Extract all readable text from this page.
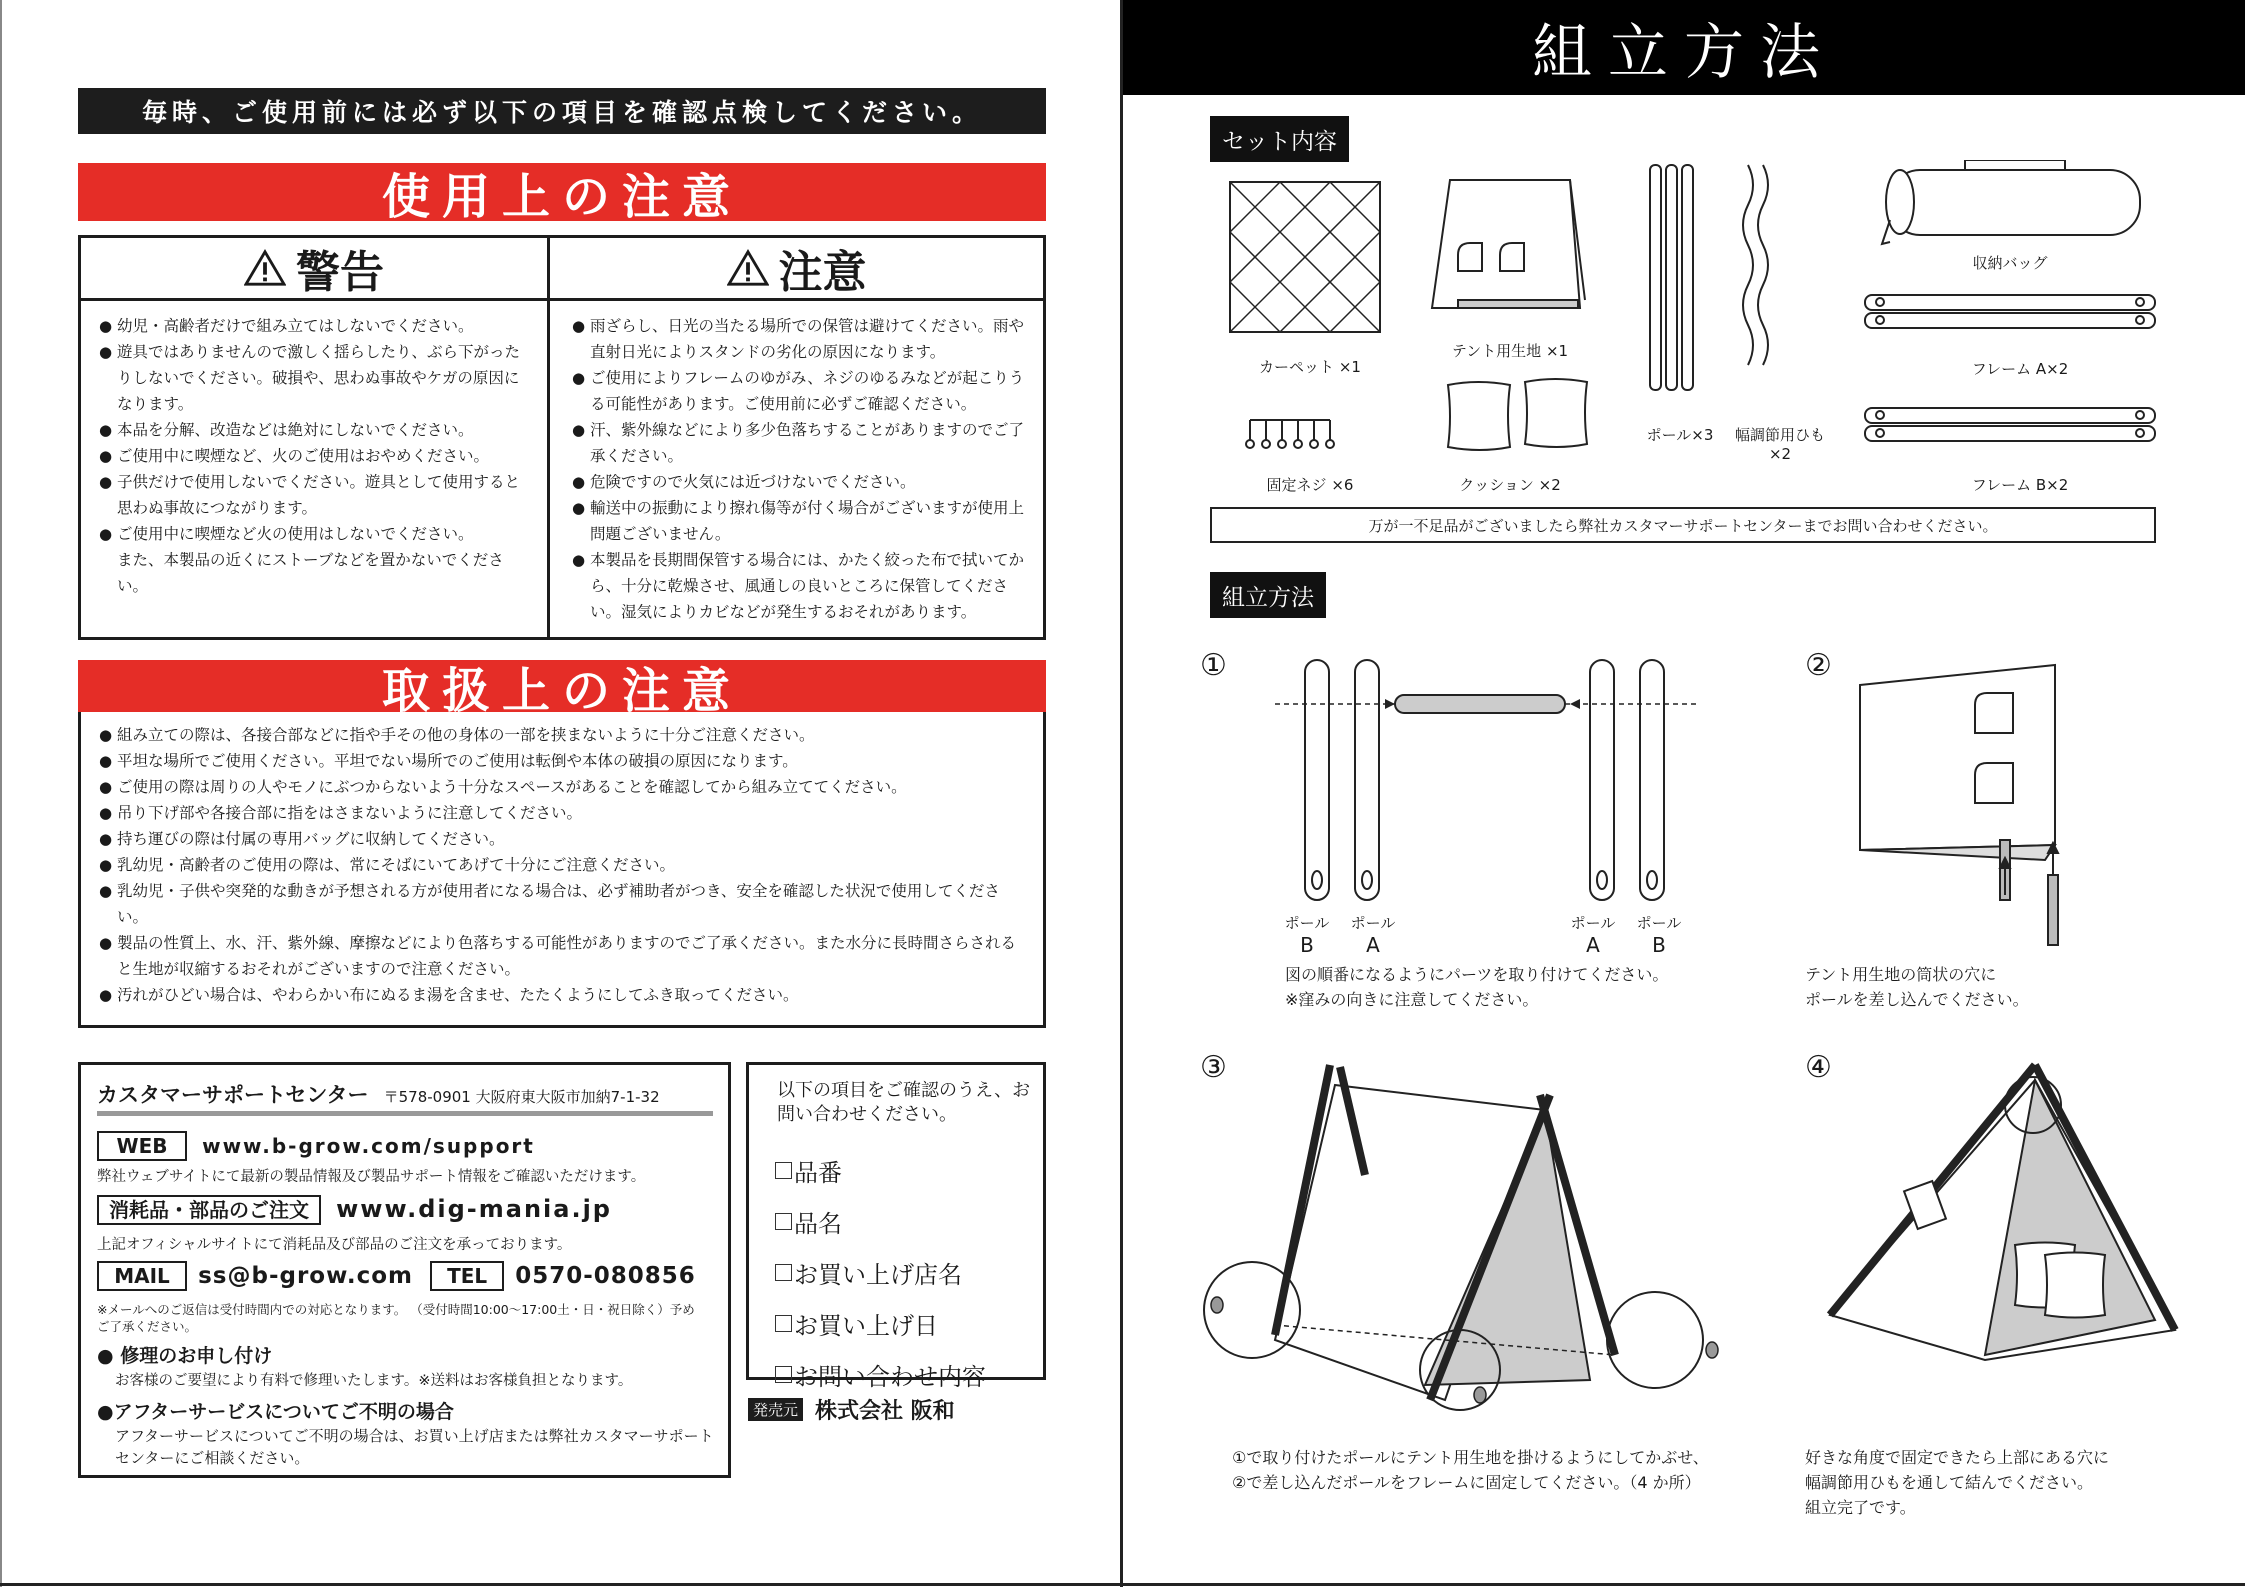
毎時、ご使用前には必ず以下の項目を確認点検してください。
使用上の注意
警告
● 幼児・高齢者だけで組み立てはしないでください。
● 遊具ではありませんので激しく揺らしたり、ぶら下がったりしないでください。破損や、思わぬ事故やケガの原因になります。
● 本品を分解、改造などは絶対にしないでください。
● ご使用中に喫煙など、火のご使用はおやめください。
● 子供だけで使用しないでください。遊具として使用すると思わぬ事故につながります。
● ご使用中に喫煙など火の使用はしないでください。
また、本製品の近くにストーブなどを置かないでください。
注意
● 雨ざらし、日光の当たる場所での保管は避けてください。雨や直射日光によりスタンドの劣化の原因になります。
● ご使用によりフレームのゆがみ、ネジのゆるみなどが起こりうる可能性があります。ご使用前に必ずご確認ください。
● 汗、紫外線などにより多少色落ちすることがありますのでご了承ください。
● 危険ですので火気には近づけないでください。
● 輸送中の振動により擦れ傷等が付く場合がございますが使用上問題ございません。
● 本製品を長期間保管する場合には、かたく絞った布で拭いてから、十分に乾燥させ、風通しの良いところに保管してください。湿気によりカビなどが発生するおそれがあります。
取扱上の注意
● 組み立ての際は、各接合部などに指や手その他の身体の一部を挟まないように十分ご注意ください。
● 平坦な場所でご使用ください。平坦でない場所でのご使用は転倒や本体の破損の原因になります。
● ご使用の際は周りの人やモノにぶつからないよう十分なスペースがあることを確認してから組み立ててください。
● 吊り下げ部や各接合部に指をはさまないように注意してください。
● 持ち運びの際は付属の専用バッグに収納してください。
● 乳幼児・高齢者のご使用の際は、常にそばにいてあげて十分にご注意ください。
● 乳幼児・子供や突発的な動きが予想される方が使用者になる場合は、必ず補助者がつき、安全を確認した状況で使用してください。
● 製品の性質上、水、汗、紫外線、摩擦などにより色落ちする可能性がありますのでご了承ください。また水分に長時間さらされると生地が収縮するおそれがございますので注意ください。
● 汚れがひどい場合は、やわらかい布にぬるま湯を含ませ、たたくようにしてふき取ってください。
カスタマーサポートセンター 〒578-0901 大阪府東大阪市加納7-1-32
WEB www.b-grow.com/support
弊社ウェブサイトにて最新の製品情報及び製品サポート情報をご確認いただけます。
消耗品・部品のご注文 www.dig-mania.jp
上記オフィシャルサイトにて消耗品及び部品のご注文を承っております。
MAIL ss@b-grow.com TEL 0570-080856
※メールへのご返信は受付時間内での対応となります。 （受付時間10:00〜17:00土・日・祝日除く）予めご了承ください。
● 修理のお申し付け
お客様のご要望により有料で修理いたします。※送料はお客様負担となります。
●アフターサービスについてご不明の場合
アフターサービスについてご不明の場合は、お買い上げ店または弊社カスタマーサポートセンターにご相談ください。
以下の項目をご確認のうえ、お問い合わせください。
品番
品名
お買い上げ店名
お買い上げ日
お問い合わせ内容
発売元 株式会社 阪和
組立方法
セット内容
カーペット ×1
テント用生地 ×1
ポール×3	幅調節用ひも×2
収納バッグ
フレーム A×2
固定ネジ ×6	クッション ×2	フレーム B×2
万が一不足品がございましたら弊社カスタマーサポートセンターまでお問い合わせください。
組立方法
①
ポール
B
ポール
A
ポール
A
ポール
B
図の順番になるようにパーツを取り付けてください。
※窪みの向きに注意してください。
②
テント用生地の筒状の穴に
ポールを差し込んでください。
③
①で取り付けたポールにテント用生地を掛けるようにしてかぶせ、
②で差し込んだポールをフレームに固定してください。（4 か所）
④
好きな角度で固定できたら上部にある穴に
幅調節用ひもを通して結んでください。
組立完了です。
